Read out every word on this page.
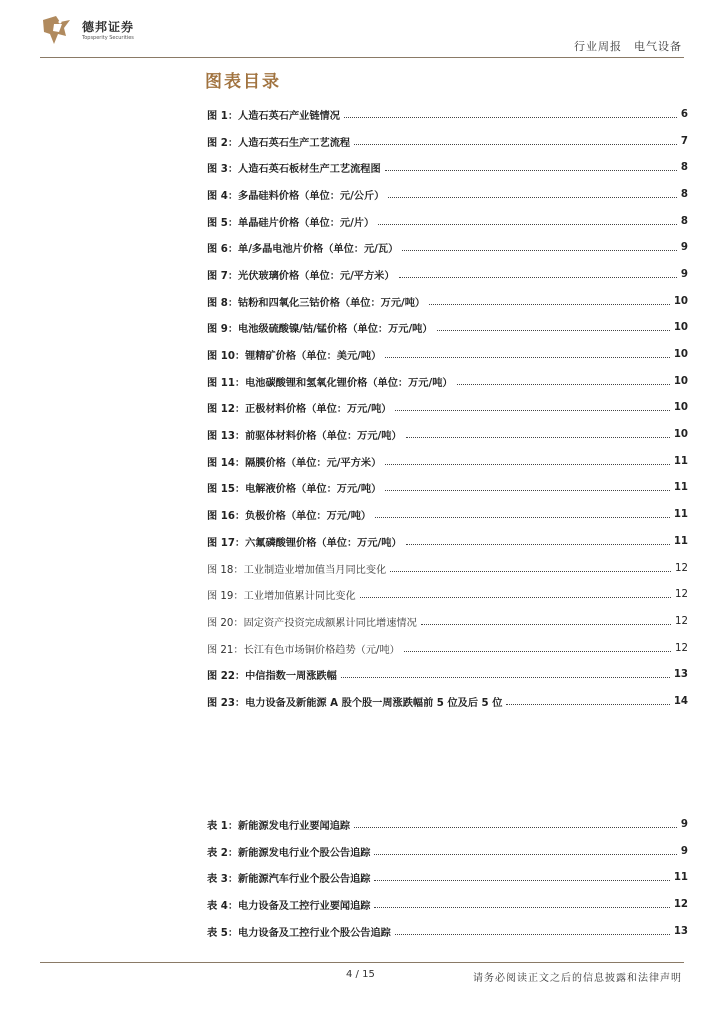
德邦证券
Topsperity Securities
行业周报　电气设备
图表目录
图 1：人造石英石产业链情况	6
图 2：人造石英石生产工艺流程	7
图 3：人造石英石板材生产工艺流程图	8
图 4：多晶硅料价格（单位：元/公斤）	8
图 5：单晶硅片价格（单位：元/片）	8
图 6：单/多晶电池片价格（单位：元/瓦）	9
图 7：光伏玻璃价格（单位：元/平方米）	9
图 8：钴粉和四氧化三钴价格（单位：万元/吨）	10
图 9：电池级硫酸镍/钴/锰价格（单位：万元/吨）	10
图 10：锂精矿价格（单位：美元/吨）	10
图 11：电池碳酸锂和氢氧化锂价格（单位：万元/吨）	10
图 12：正极材料价格（单位：万元/吨）	10
图 13：前驱体材料价格（单位：万元/吨）	10
图 14：隔膜价格（单位：元/平方米）	11
图 15：电解液价格（单位：万元/吨）	11
图 16：负极价格（单位：万元/吨）	11
图 17：六氟磷酸锂价格（单位：万元/吨）	11
图 18：工业制造业增加值当月同比变化	12
图 19：工业增加值累计同比变化	12
图 20：固定资产投资完成额累计同比增速情况	12
图 21：长江有色市场铜价格趋势（元/吨）	12
图 22：中信指数一周涨跌幅	13
图 23：电力设备及新能源 A 股个股一周涨跌幅前 5 位及后 5 位	14
表 1：新能源发电行业要闻追踪	9
表 2：新能源发电行业个股公告追踪	9
表 3：新能源汽车行业个股公告追踪	11
表 4：电力设备及工控行业要闻追踪	12
表 5：电力设备及工控行业个股公告追踪	13
4 / 15	请务必阅读正文之后的信息披露和法律声明
